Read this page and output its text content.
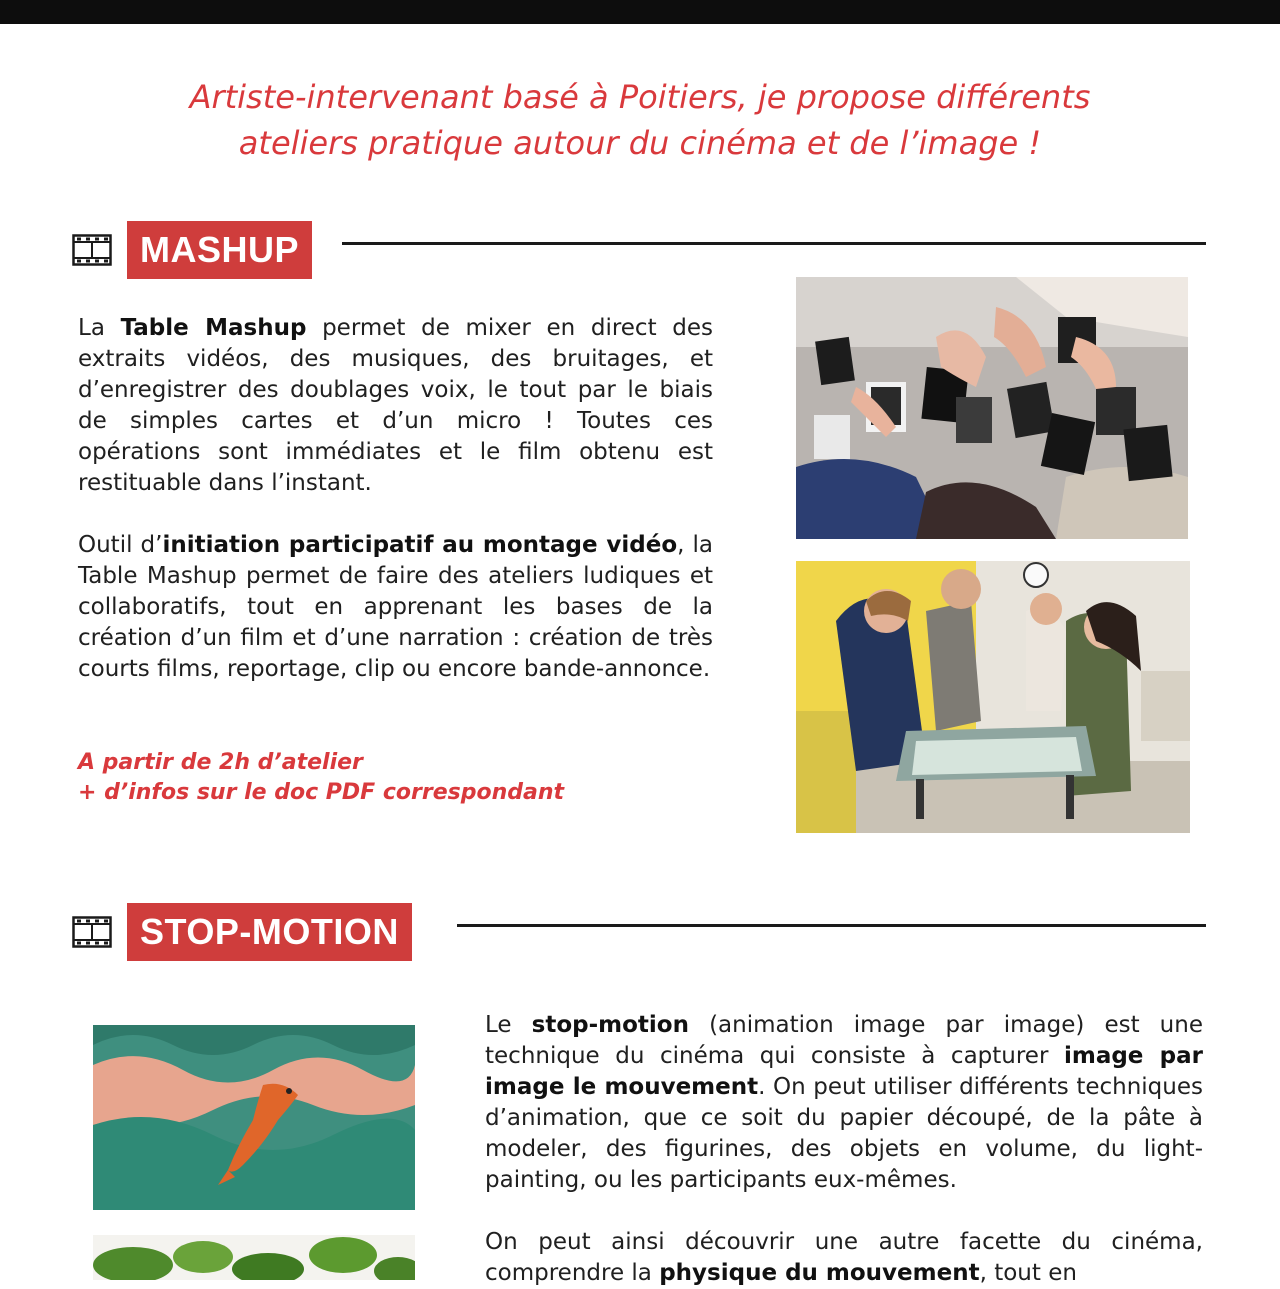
Artiste-intervenant basé à Poitiers, je propose différents
ateliers pratique autour du cinéma et de l’image !
MASHUP
La Table Mashup permet de mixer en direct des extraits vidéos, des musiques, des bruitages, et d’enregistrer des doublages voix, le tout par le biais de simples cartes et d’un micro ! Toutes ces opérations sont immédiates et le film obtenu est restituable dans l’instant.
Outil d’initiation participatif au montage vidéo, la Table Mashup permet de faire des ateliers ludiques et collaboratifs, tout en apprenant les bases de la création d’un film et d’une narration : création de très courts films, reportage, clip ou encore bande-annonce.
A partir de 2h d’atelier
+ d’infos sur le doc PDF correspondant
STOP-MOTION
Le stop-motion (animation image par image) est une technique du cinéma qui consiste à capturer image par image le mouvement. On peut utiliser différents techniques d’animation, que ce soit du papier découpé, de la pâte à modeler, des figurines, des objets en volume, du light-painting, ou les participants eux-mêmes.
On peut ainsi découvrir une autre facette du cinéma, comprendre la physique du mouvement, tout en
